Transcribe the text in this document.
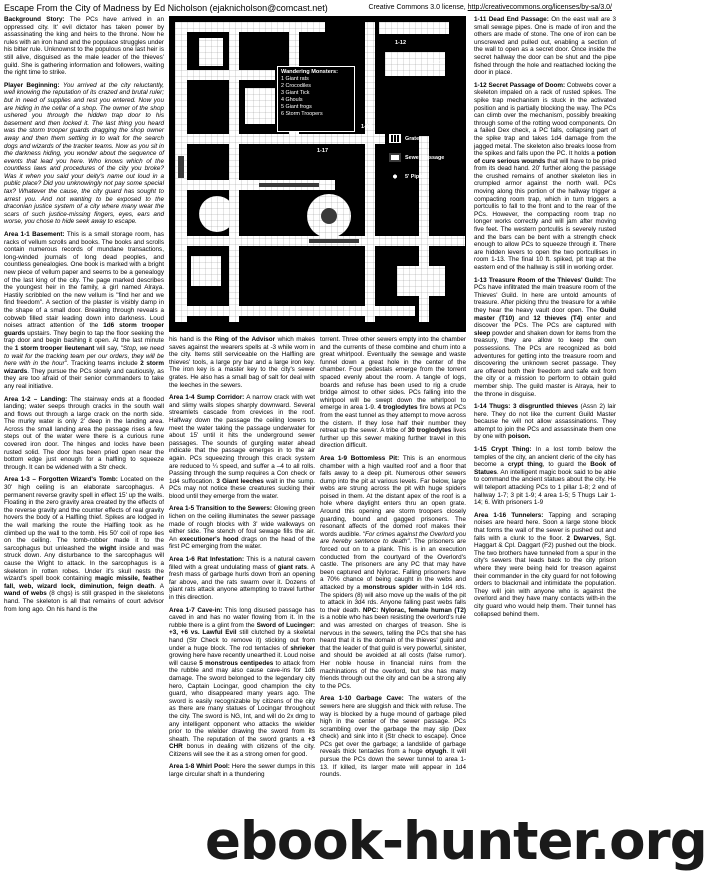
Escape From the City of Madness by Ed Nicholson (ejaknicholson@comcast.net)	Creative Commons 3.0 license, http://creativecommons.org/licenses/by-sa/3.0/

Background Story: The PCs have arrived in an oppressed city. It' evil dictator has taken power by assassinating the king and heirs to the throne. Now he rules with an iron hand and the populace struggles under his bitter rule. Unknownst to the populous one last heir is still alive, disguised as the male leader of the thieves' guild. She is gathering information and followers, waiting the right time to strike.

Player Beginning: You arrived at the city reluctantly, well knowing the reputation of its crazed and brutal ruler; but in need of supplies and rest you entered. Now you are hiding in the cellar of a shop. The owner of the shop ushered you through the hidden trap door to his basement and then locked it. The last thing you heard was the storm trooper guards dragging the shop owner away and then them settling in to wait for the search dogs and wizards of the tracker teams. Now as you sit in the darkness hiding, you wonder about the sequence of events that lead you here. Who knows which of the countless laws and procedures of the city you broke? Was it when you said your deity's name out loud in a public place? Did you unknowingly not pay some special tax? Whatever the cause, the city guard has sought to arrest you. And not wanting to be exposed to the draconian justice system of a city where many wear the scars of such justice-missing fingers, eyes, ears and worse, you chose to hide seek away to escape.

Area 1-1 Basement: This is a small storage room, has racks of vellum scrolls and books. The books and scrolls contain numerous records of mundane transactions, long-winded journals of long dead peoples, and countless genealogies. One book is marked with a bright new piece of vellum paper and seems to be a genealogy of the last king of the city. The page marked describes the youngest heir in the family, a girl named Alraya. Hastily scribbled on the new vellum is "find her and we find freedom". A section of the plaster is visibly damp in the shape of a small door. Breaking through reveals a cobweb filled stair leading down into darkness. Loud noises attract attention of the 1d6 storm trooper guards upstairs. They begin to tap the floor seeking the trap door and begin bashing it open. At the last minute the 1 storm trooper lieutenant will say, "Stop, we need to wait for the tracking team per our orders, they will be here with in the hour". Tracking teams include 2 storm wizards. They pursue the PCs slowly and cautiously, as they are too afraid of their senior commanders to take any real initiative.

Area 1-2 – Landing: The stairway ends at a flooded landing; water seeps through cracks in the south wall and flows out through a large crack on the north side. The murky water is only 2' deep in the landing area. Across the small landing area the passage rises a few steps out of the water were there is a curious rune covered iron door. The hinges and locks have been rusted solid. The door has been pried open near the bottom edge just enough for a halfling to squeeze through. It can be widened with a Str check.

Area 1-3 – Forgotten Wizard's Tomb: Located on the 30' high ceiling is an elaborate sarcophagus. A permanent reverse gravity spell in effect 15' up the walls. Floating in the zero gravity area created by the effects of the reverse gravity and the counter effects of real gravity hovers the body of a Halfling thief. Spikes are lodged in the wall marking the route the Halfling took as he climbed up the wall to the tomb. His 50' coil of rope lies on the ceiling. The tomb-robber made it to the sarcophagus but unleashed the wight inside and was struck down. Any disturbance to the sarcophagus will cause the Wight to attack. In the sarcophagus is a skeleton in rotten robes. Under it's skull nests the wizard's spell book containing magic missile, feather fall, web, wizard lock, diminution, feign death. A wand of webs (8 chgs) is still grasped in the skeletons hand. The skeleton is all that remains of court advisor from long ago. On his hand is the

1-12
1-11
1-15
1-17
Wandering Monsters:
1 Giant rats
2 Crocodiles
3 Giant Tick
4 Ghouls
5 Giant frogs
6 Storm Troopers
Grate
Sewer Passage
5' Pipes

his hand is the Ring of the Advisor which makes saves against the wearers spells at -3 while worn in the city. Items still serviceable on the Halfling are thieves' tools, a large pry bar and a large iron key. The iron key is a master key to the city's sewer grates. He also has a small bag of salt for deal with the leeches in the sewers.

Area 1-4 Sump Corridor: A narrow crack with wet and slimy walls slopes sharply downward. Several streamlets cascade from crevices in the roof. Halfway down the passage the ceiling lowers to meet the water taking the passage underwater for about 15' until it hits the underground sewer passages. The sounds of gurgling water ahead indicate that the passage emerges in to the air again. PCs squeezing through this crack system are reduced to ¼ speed, and suffer a –4 to all rolls. Passing through the sump requires a Con check or 1d4 suffocation. 3 Giant leeches wait in the sump. PCs may not notice these creatures sucking their blood until they emerge from the water.

Area 1-5 Transition to the Sewers: Glowing green lichen on the ceiling illuminates the sewer passage made of rough blocks with 3' wide walkways on either side. The stench of foul sewage fills the air. An executioner's hood drags on the head of the first PC emerging from the water.

Area 1-6 Rat Infestation: This is a natural cavern filled with a great undulating mass of giant rats. A fresh mass of garbage hurls down from an opening far above, and the rats swarm over it. Dozens of giant rats attack anyone attempting to travel further in this direction.

Area 1-7 Cave-in: This long disused passage has caved in and has no water flowing from it. In the rubble there is a glint from the Sword of Lucinger: +3, +6 vs. Lawful Evil still clutched by a skeletal hand (Str Check to remove it) sticking out from under a huge block. The rod tentacles of shrieker growing here have recently unearthed it. Loud noise will cause 5 monstrous centipedes to attack from the rubble and may also cause cave-ins for 1d6 damage. The sword belonged to the legendary city hero, Captain Locingar, good champion the city guard, who disappeared many years ago. The sword is easily recognizable by citizens of the city as there are many statues of Locingar throughout the city. The sword is NG, Int, and will do 2x dmg to any intelligent opponent who attacks the wielder prior to the wielder drawing the sword from its sheath. The reputation of the sword grants a +3 CHR bonus in dealing with citizens of the city. Citizens will see the it as a strong omen for good.

Area 1-8 Whirl Pool: Here the sewer dumps in this large circular shaft in a thundering

torrent. Three other sewers empty into the chamber and the currents of these combine and churn into a great whirlpool. Eventually the sewage and waste funnel down a great hole in the center of the chamber. Four pedestals emerge from the torrent spaced evenly about the room. A tangle of logs, boards and refuse has been used to rig a crude bridge almost to other sides. PCs falling into the whirlpool will be swept down the whirlpool to emerge in area 1-9. 4 troglodytes fire bows at PCs from the east tunnel as they attempt to move across the cistern. If they lose half their number they retreat up the sewer. A tribe of 30 troglodytes lives further up this sewer making further travel in this direction difficult.

Area 1-9 Bottomless Pit: This is an enormous chamber with a high vaulted roof and a floor that falls away to a deep pit. Numerous other sewers dump into the pit at various levels. Far below, large webs are strung across the pit with huge spiders poised in them. At the distant apex of the roof is a hole where daylight enters thru an open grate. Around this opening are storm troopers closely guarding, bound and gagged prisoners. The resonant affects of the domed roof makes their words audible. "For crimes against the Overlord you are hereby sentence to death". The prisoners are forced out on to a plank. This is in an execution conducted from the courtyard of the Overlord's castle. The prisoners are any PC that may have been captured and Nylorac. Falling prisoners have a 70% chance of being caught in the webs and attacked by a monstrous spider with-in 1d4 rds. The spiders (8) will also move up the walls of the pit to attack in 3d4 rds. Anyone falling past webs falls to their death. NPC: Nylorac, female human (T2) is a noble who has been resisting the overlord's rule and was arrested on charges of treason. She is nervous in the sewers, telling the PCs that she has heard that it is the domain of the thieves' guild and that the leader of that guild is very powerful, sinister, and should be avoided at all costs (false rumor). Her noble house in financial ruins from the machinations of the overlord, but she has many friends through out the city and can be a strong ally to the PCs.

Area 1-10 Garbage Cave: The waters of the sewers here are sluggish and thick with refuse. The way is blocked by a huge mound of garbage piled high in the center of the sewer passage. PCs scrambling over the garbage the may slip (Dex check) and sink into it (Str check to escape). Once PCs get over the garbage; a landslide of garbage reveals thick tentacles from a huge otyugh. It will pursue the PCs down the sewer tunnel to area 1-13. If killed, its larger mate will appear in 1d4 rounds.

1-11 Dead End Passage: On the east wall are 3 small sewage pipes. One is made of iron and the others are made of stone. The one of iron can be unscrewed and pulled out, enabling a section of the wall to open as a secret door. Once inside the secret hallway the door can be shut and the pipe fished through the hole and reattached locking the door in place.

1-12 Secret Passage of Doom: Cobwebs cover a skeleton impaled on a rack of rusted spikes. The spike trap mechanism is stuck in the activated position and is partially blocking the way. The PCs can climb over the mechanism, possibly breaking through some of the rotting wood components. On a failed Dex check, a PC falls, collapsing part of the spike trap and takes 1d4 damage from the jagged metal. The skeleton also breaks loose from the spikes and falls upon the PC. It holds a potion of cure serious wounds that will have to be pried from its dead hand. 20' further along the passage the crushed remains of another skeleton lies in crumpled armor against the north wall. PCs moving along this portion of the hallway trigger a compacting room trap, which in turn triggers a portcullis to fall to the front and to the rear of the PCs. However, the compacting room trap no longer works correctly and will jam after moving five feet. The western portcullis is severely rusted and the bars can be bent with a strength check enough to allow PCs to squeeze through it. There are hidden levers to open the two portcullises in room 1-13. The final 10 ft. spiked, pit trap at the eastern end of the hallway is still in working order.

1-13 Treasure Room of the Thieves' Guild: The PCs have infiltrated the main treasure room of the Thieves' Guild. In here are untold amounts of treasure. After picking thru the treasure for a while they hear the heavy vault door open. The Guild master (T10) and 12 thieves (T4) enter and discover the PCs. The PCs are captured with sleep powder and shaken down for items from the treasury, they are allow to keep the own possessions. The PCs are recognized as bold adventures for getting into the treasure room and discovering the unknown secret passage. They are offered both their freedom and safe exit from the city or a mission to perform to obtain guild member ship. The guild master is Alraya, heir to the throne in disguise.

1-14 Thugs: 3 disgruntled thieves (Assn 2) lair here. They do not like the current Guild Master because he will not allow assassinations. They attempt to join the PCs and assassinate them one by one with poison.

1-15 Crypt Thing: In a lost tomb below the temples of the city, an ancient cleric of the city has become a crypt thing, to guard the Book of Statues. An intelligent magic book said to be able to command the ancient statues about the city. He will teleport attacking PCs to 1 pillar 1-8; 2 end of hallway 1-7; 3 pit 1-9; 4 area 1-5; 5 Thugs Lair 1-14; 6. With prisoners 1-9

Area 1-16 Tunnelers: Tapping and scraping noises are heard here. Soon a large stone block that forms the wall of the sewer is pushed out and falls with a clunk to the floor. 2 Dwarves, Sgt. Haggart & Cpl. Daggart (F2) pushed out the block. The two brothers have tunneled from a spur in the city's sewers that leads back to the city prison where they were being held for treason against their commander in the city guard for not following orders to blackmail and intimidate the population. They will join with anyone who is against the overlord and they have many contacts with-in the city guard who would help them. Their tunnel has collapsed behind them.

ebook-hunter.org
